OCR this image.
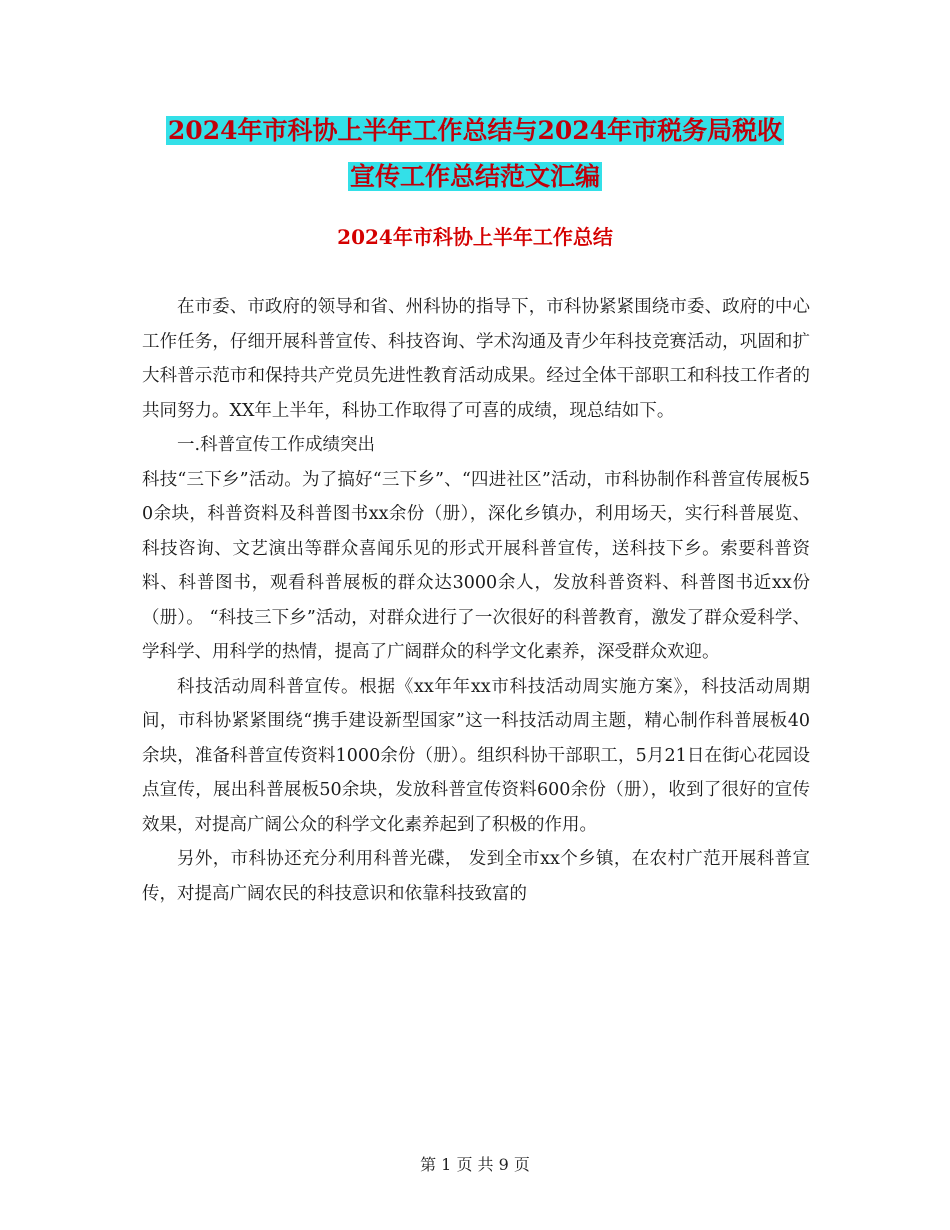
2024年市科协上半年工作总结与2024年市税务局税收
宣传工作总结范文汇编
2024年市科协上半年工作总结

在市委、市政府的领导和省、州科协的指导下，市科协紧紧围绕市委、政府的中心工作任务，仔细开展科普宣传、科技咨询、学术沟通及青少年科技竞赛活动，巩固和扩大科普示范市和保持共产党员先进性教育活动成果。经过全体干部职工和科技工作者的共同努力。XX年上半年，科协工作取得了可喜的成绩，现总结如下。

一.科普宣传工作成绩突出

科技“三下乡”活动。为了搞好“三下乡”、“四进社区”活动，市科协制作科普宣传展板50余块，科普资料及科普图书xx余份（册），深化乡镇办，利用场天，实行科普展览、科技咨询、文艺演出等群众喜闻乐见的形式开展科普宣传，送科技下乡。索要科普资料、科普图书，观看科普展板的群众达3000余人，发放科普资料、科普图书近xx份（册）。 “科技三下乡”活动，对群众进行了一次很好的科普教育，激发了群众爱科学、学科学、用科学的热情，提高了广阔群众的科学文化素养，深受群众欢迎。

科技活动周科普宣传。根据《xx年年xx市科技活动周实施方案》，科技活动周期间，市科协紧紧围绕“携手建设新型国家”这一科技活动周主题，精心制作科普展板40余块，准备科普宣传资料1000余份（册）。组织科协干部职工，5月21日在街心花园设点宣传，展出科普展板50余块，发放科普宣传资料600余份（册），收到了很好的宣传效果，对提高广阔公众的科学文化素养起到了积极的作用。

另外，市科协还充分利用科普光碟， 发到全市xx个乡镇，在农村广范开展科普宣传，对提高广阔农民的科技意识和依靠科技致富的

第 1 页 共 9 页
